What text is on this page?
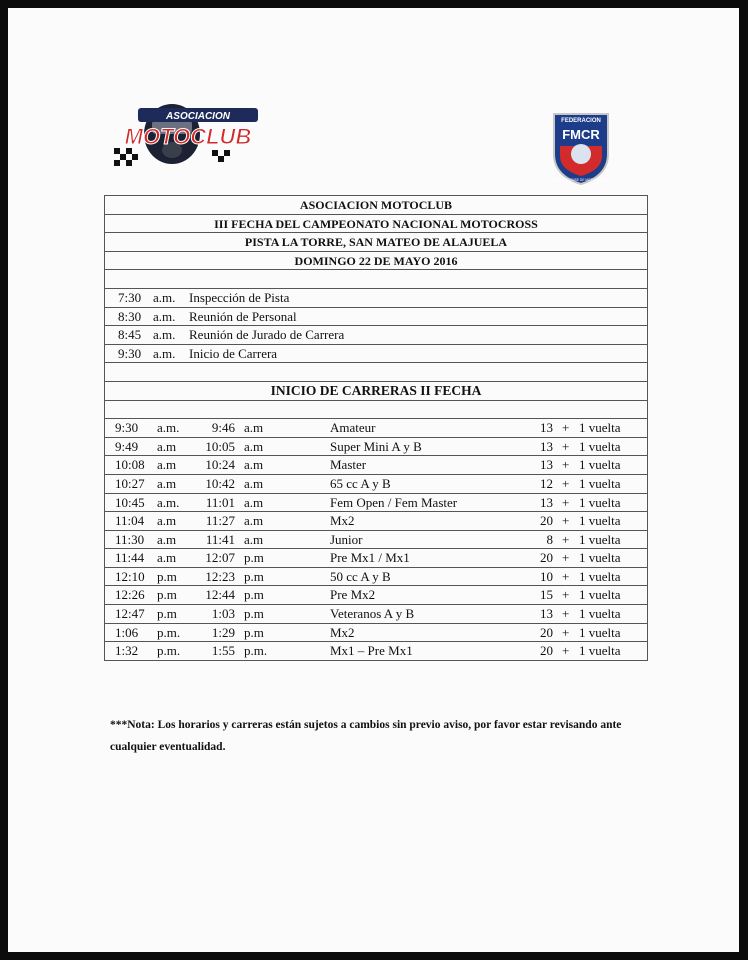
ASOCIACION
MOTOCLUB
FEDERACION
FMCR
COSTARRICENSE DE MOTOCICLISMO
ASOCIACION MOTOCLUB
III FECHA DEL CAMPEONATO NACIONAL MOTOCROSS
PISTA LA TORRE, SAN MATEO DE ALAJUELA
DOMINGO 22 DE MAYO 2016
7:30 a.m. Inspección de Pista
8:30 a.m. Reunión de Personal
8:45 a.m. Reunión de Jurado de Carrera
9:30 a.m. Inicio de Carrera
INICIO DE CARRERAS II FECHA
9:30 a.m.	9:46 a.m	Amateur	13 + 1 vuelta
9:49 a.m	10:05 a.m	Super Mini A y B	13 + 1 vuelta
10:08 a.m	10:24 a.m	Master	13 + 1 vuelta
10:27 a.m	10:42 a.m	65 cc A y B	12 + 1 vuelta
10:45 a.m.	11:01 a.m	Fem Open / Fem Master	13 + 1 vuelta
11:04 a.m	11:27 a.m	Mx2	20 + 1 vuelta
11:30 a.m	11:41 a.m	Junior	8 + 1 vuelta
11:44 a.m	12:07 p.m	Pre Mx1 / Mx1	20 + 1 vuelta
12:10 p.m	12:23 p.m	50 cc A y B	10 + 1 vuelta
12:26 p.m	12:44 p.m	Pre Mx2	15 + 1 vuelta
12:47 p.m	1:03 p.m	Veteranos A y B	13 + 1 vuelta
1:06 p.m.	1:29 p.m	Mx2	20 + 1 vuelta
1:32 p.m.	1:55 p.m.	Mx1 – Pre Mx1	20 + 1 vuelta
***Nota: Los horarios y carreras están sujetos a cambios sin previo aviso, por favor estar revisando ante cualquier eventualidad.
